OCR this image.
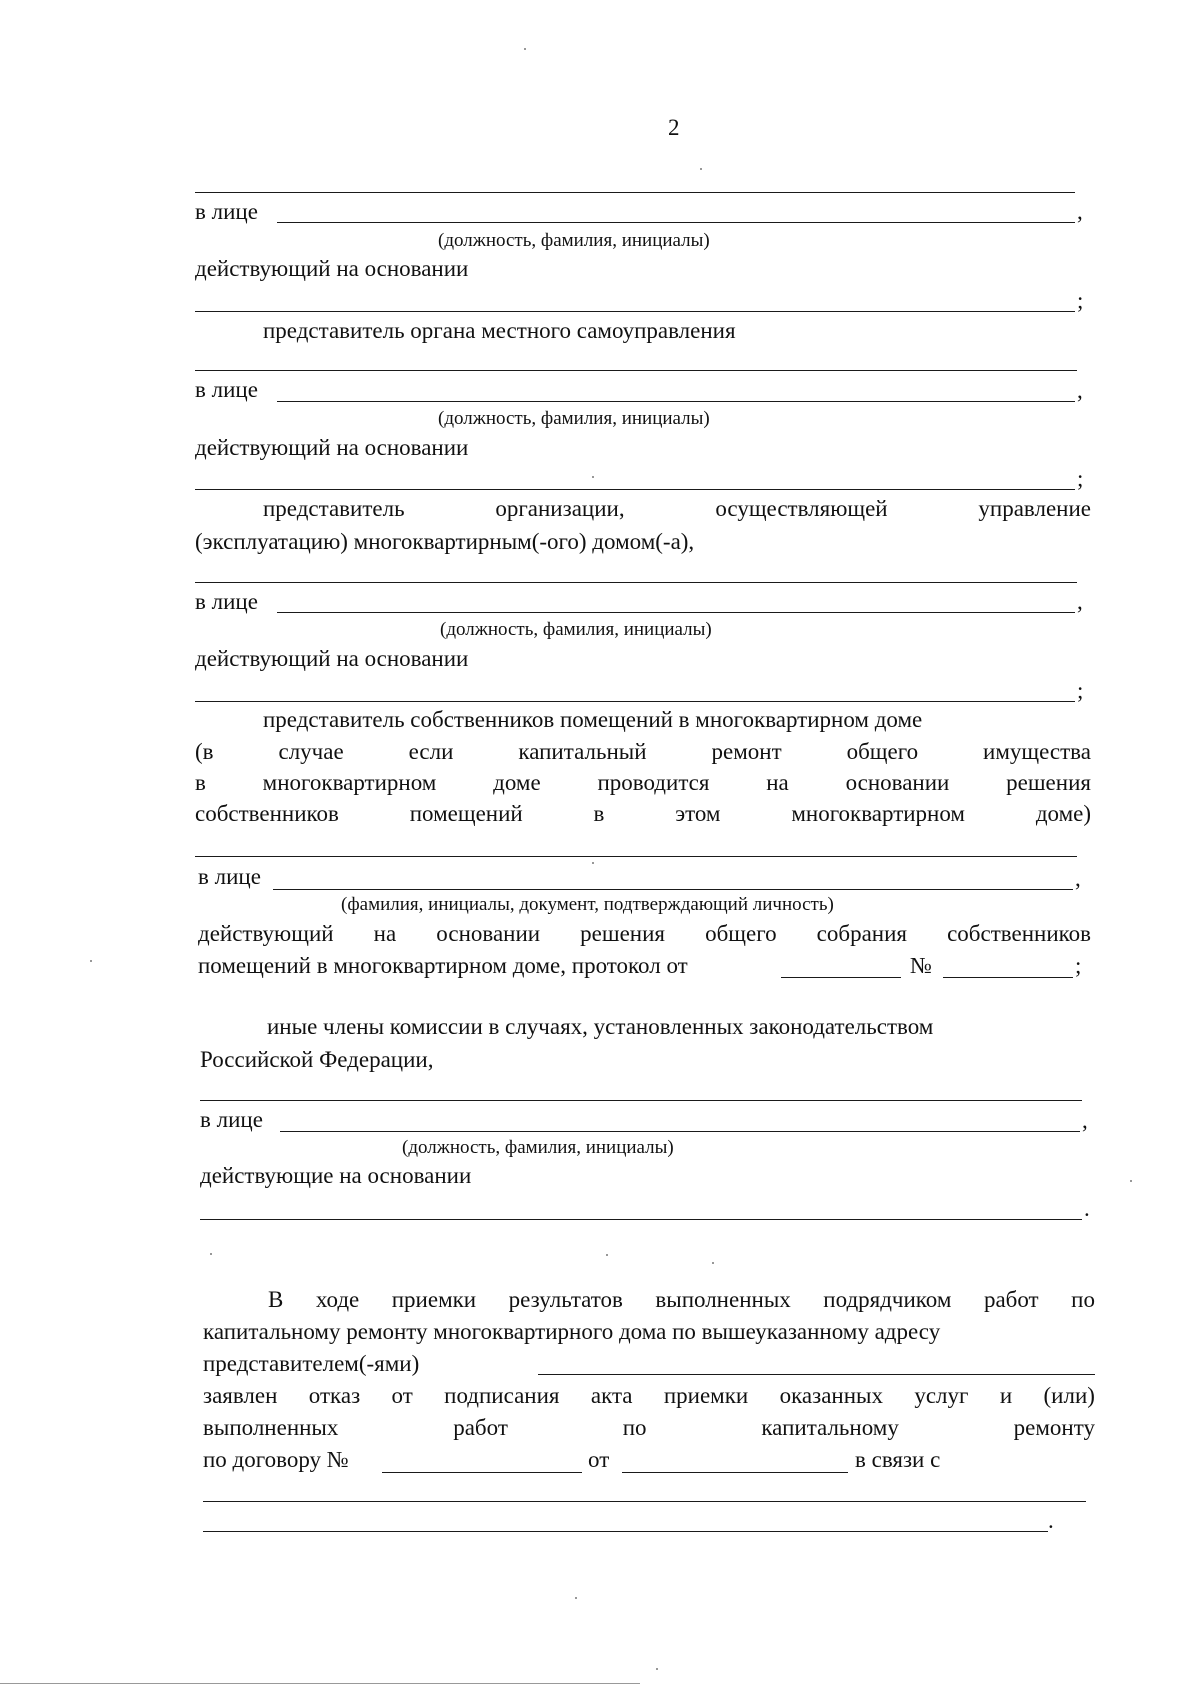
2
в лице	,
(должность, фамилия, инициалы)
действующий на основании
;
представитель органа местного самоуправления
в лице	,
(должность, фамилия, инициалы)
действующий на основании
;
представитель	организации,	осуществляющей	управление
(эксплуатацию) многоквартирным(-ого) домом(-а),
в лице	,
(должность, фамилия, инициалы)
действующий на основании
;
представитель собственников помещений в многоквартирном доме
(в	случае	если	капитальный	ремонт	общего	имущества
в многоквартирном доме проводится на основании решения
собственников	помещений	в	этом	многоквартирном	доме)
в лице	,
(фамилия, инициалы, документ, подтверждающий личность)
действующий на основании решения общего собрания собственников
помещений в многоквартирном доме, протокол от	№	;
иные члены комиссии в случаях, установленных законодательством
Российской Федерации,
в лице	,
(должность, фамилия, инициалы)
действующие на основании
.
В ходе приемки результатов выполненных подрядчиком работ по
капитальному ремонту многоквартирного дома по вышеуказанному адресу
представителем(-ями)
заявлен отказ от подписания акта приемки оказанных услуг и (или)
выполненных	работ	по	капитальному	ремонту
по договору №	от	в связи с
.
